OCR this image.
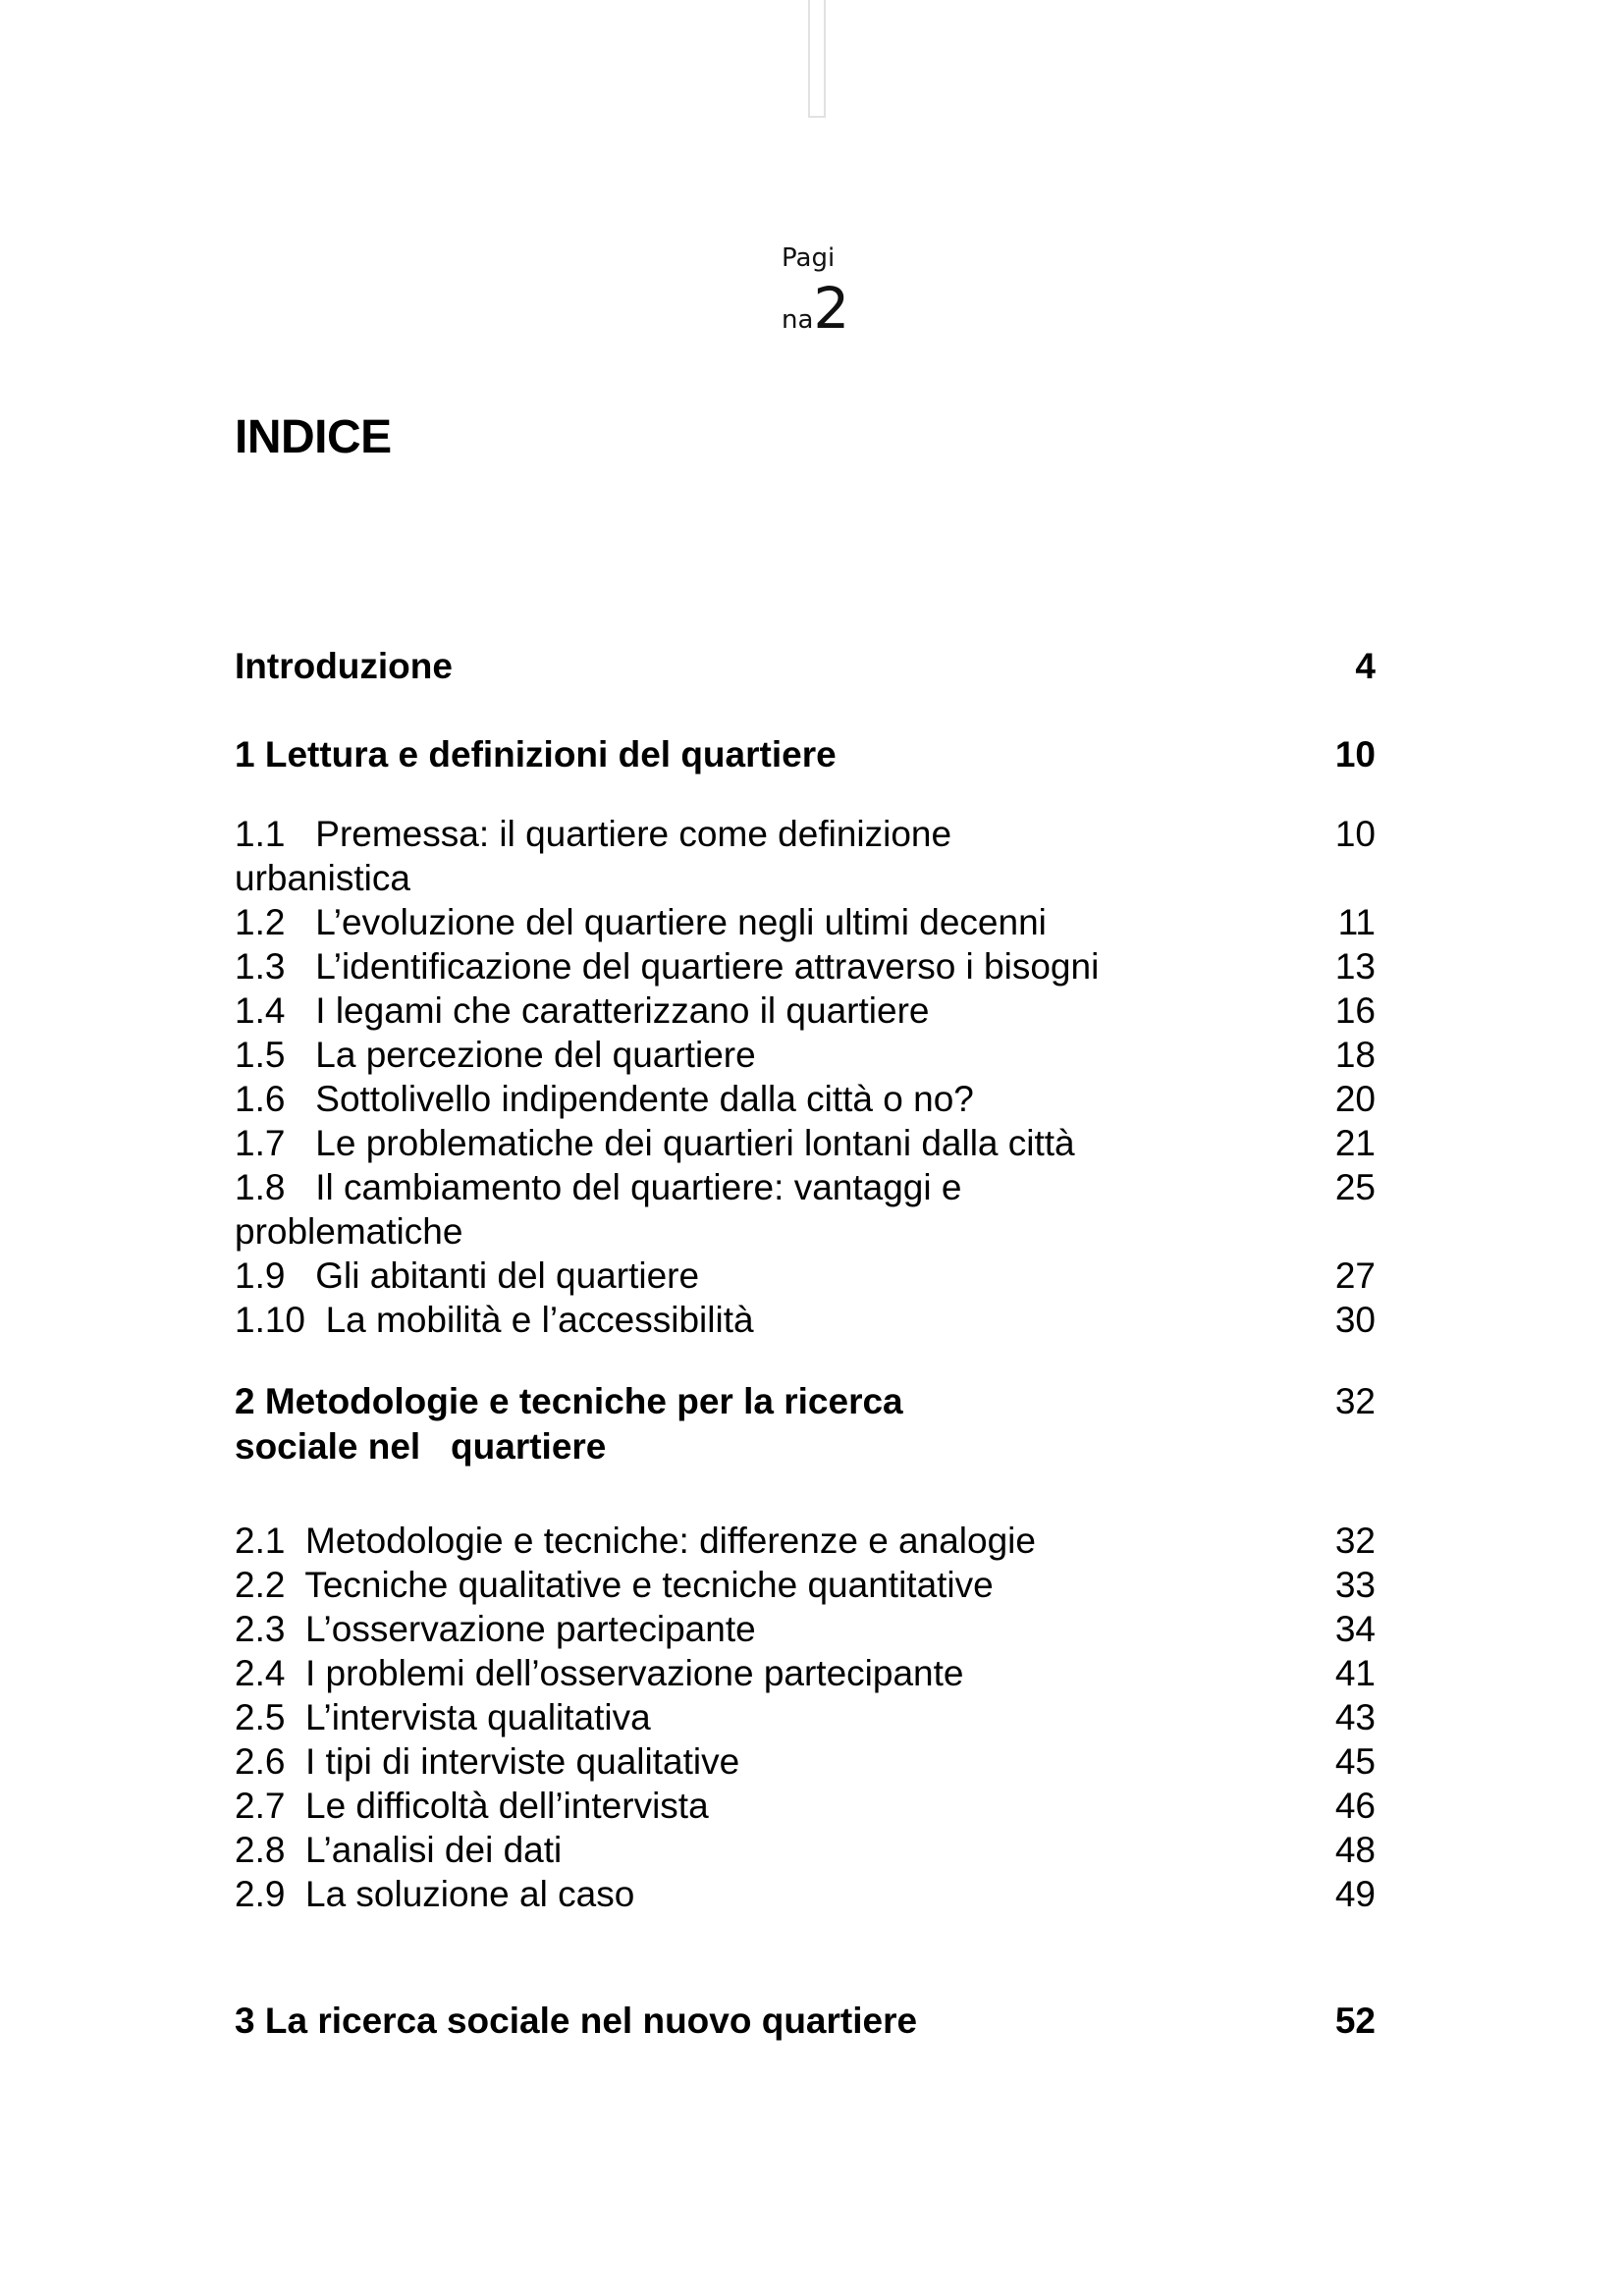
Pagi
na2
INDICE
Introduzione	4
1 Lettura e definizioni del quartiere	10
1.1   Premessa: il quartiere come definizione	10
urbanistica
1.2   L’evoluzione del quartiere negli ultimi decenni	11
1.3   L’identificazione del quartiere attraverso i bisogni	13
1.4   I legami che caratterizzano il quartiere	16
1.5   La percezione del quartiere	18
1.6   Sottolivello indipendente dalla città o no?	20
1.7   Le problematiche dei quartieri lontani dalla città	21
1.8   Il cambiamento del quartiere: vantaggi e	25
problematiche
1.9   Gli abitanti del quartiere	27
1.10  La mobilità e l’accessibilità	30
2 Metodologie e tecniche per la ricerca	32
sociale nel   quartiere
2.1  Metodologie e tecniche: differenze e analogie	32
2.2  Tecniche qualitative e tecniche quantitative	33
2.3  L’osservazione partecipante	34
2.4  I problemi dell’osservazione partecipante	41
2.5  L’intervista qualitativa	43
2.6  I tipi di interviste qualitative	45
2.7  Le difficoltà dell’intervista	46
2.8  L’analisi dei dati	48
2.9  La soluzione al caso	49
3 La ricerca sociale nel nuovo quartiere	52
